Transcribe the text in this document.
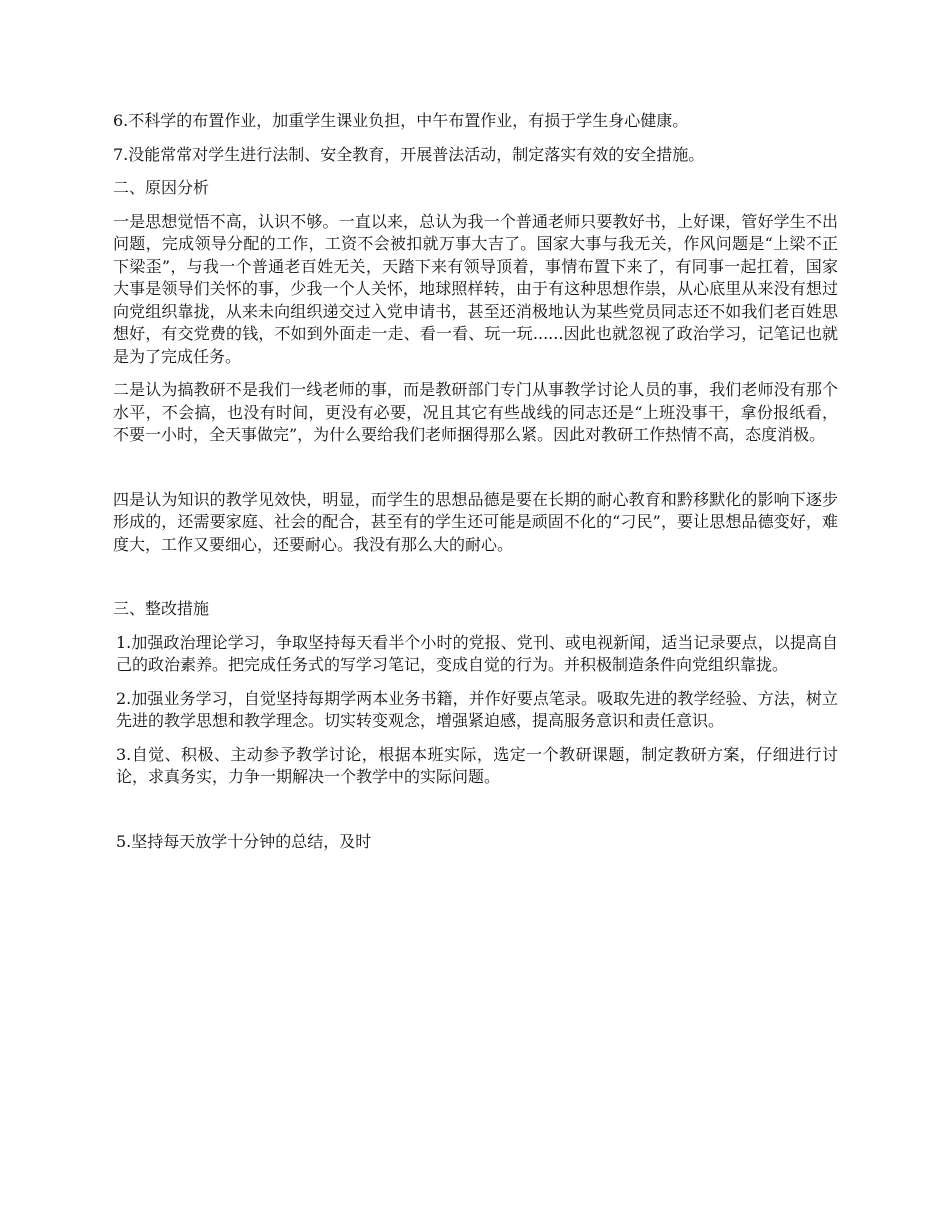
6.不科学的布置作业，加重学生课业负担，中午布置作业，有损于学生身心健康。

7.没能常常对学生进行法制、安全教育，开展普法活动，制定落实有效的安全措施。

二、原因分析

一是思想觉悟不高，认识不够。一直以来，总认为我一个普通老师只要教好书，上好课，管好学生不出问题，完成领导分配的工作，工资不会被扣就万事大吉了。国家大事与我无关，作风问题是“上梁不正下梁歪”，与我一个普通老百姓无关，天踏下来有领导顶着，事情布置下来了，有同事一起扛着，国家大事是领导们关怀的事，少我一个人关怀，地球照样转，由于有这种思想作祟，从心底里从来没有想过向党组织靠拢，从来未向组织递交过入党申请书，甚至还消极地认为某些党员同志还不如我们老百姓思想好，有交党费的钱，不如到外面走一走、看一看、玩一玩......因此也就忽视了政治学习，记笔记也就是为了完成任务。

二是认为搞教研不是我们一线老师的事，而是教研部门专门从事教学讨论人员的事，我们老师没有那个水平，不会搞，也没有时间，更没有必要，况且其它有些战线的同志还是“上班没事干，拿份报纸看，不要一小时，全天事做完”，为什么要给我们老师捆得那么紧。因此对教研工作热情不高，态度消极。

四是认为知识的教学见效快，明显，而学生的思想品德是要在长期的耐心教育和黔移默化的影响下逐步形成的，还需要家庭、社会的配合，甚至有的学生还可能是顽固不化的“刁民”，要让思想品德变好，难度大，工作又要细心，还要耐心。我没有那么大的耐心。

三、整改措施

1.加强政治理论学习，争取坚持每天看半个小时的党报、党刊、或电视新闻，适当记录要点，以提高自己的政治素养。把完成任务式的写学习笔记，变成自觉的行为。并积极制造条件向党组织靠拢。

2.加强业务学习，自觉坚持每期学两本业务书籍，并作好要点笔录。吸取先进的教学经验、方法，树立先进的教学思想和教学理念。切实转变观念，增强紧迫感，提高服务意识和责任意识。

3.自觉、积极、主动参予教学讨论，根据本班实际，选定一个教研课题，制定教研方案，仔细进行讨论，求真务实，力争一期解决一个教学中的实际问题。

5.坚持每天放学十分钟的总结，及时
